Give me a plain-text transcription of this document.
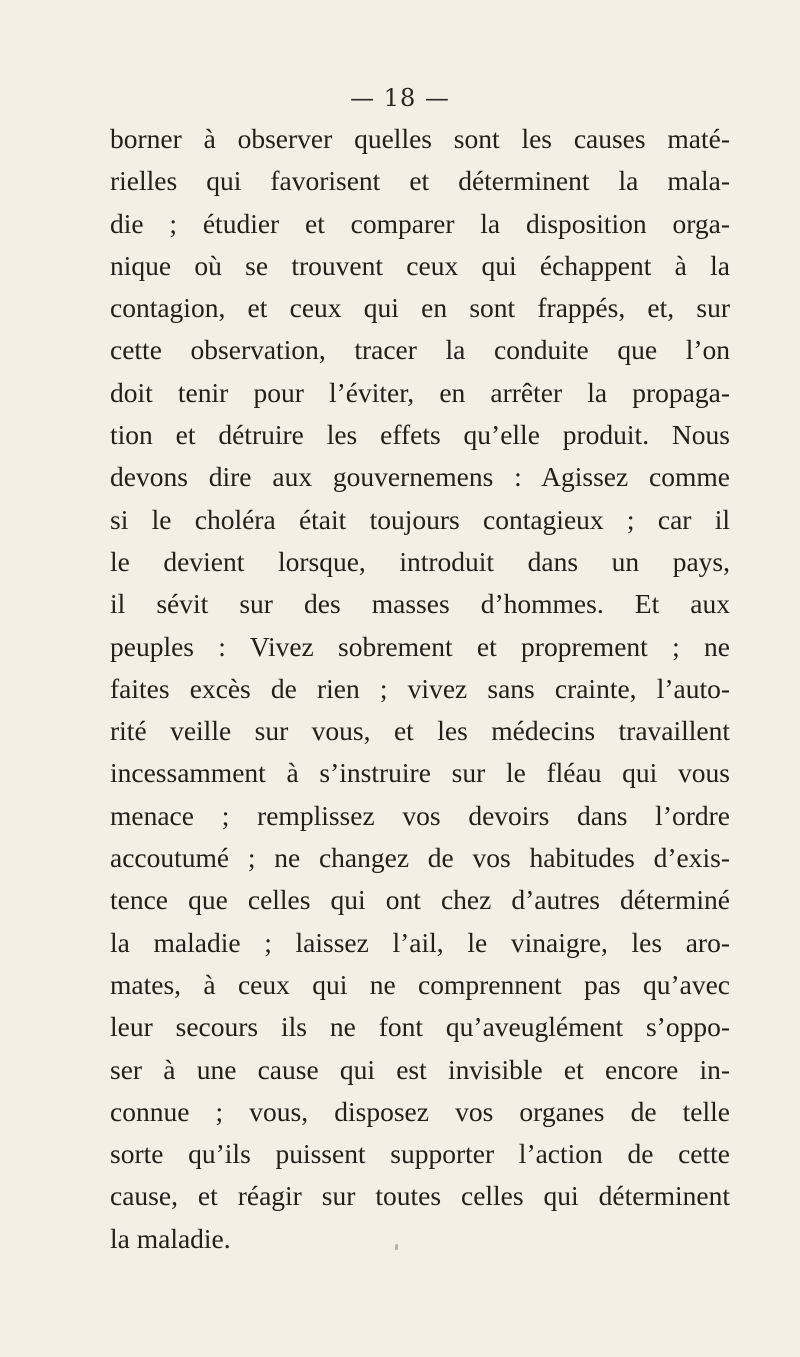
— 18 —
borner à observer quelles sont les causes maté-
rielles qui favorisent et déterminent la mala-
die ; étudier et comparer la disposition orga-
nique où se trouvent ceux qui échappent à la
contagion, et ceux qui en sont frappés, et, sur
cette observation, tracer la conduite que l’on
doit tenir pour l’éviter, en arrêter la propaga-
tion et détruire les effets qu’elle produit. Nous
devons dire aux gouvernemens : Agissez comme
si le choléra était toujours contagieux ; car il
le devient lorsque, introduit dans un pays,
il sévit sur des masses d’hommes. Et aux
peuples : Vivez sobrement et proprement ; ne
faites excès de rien ; vivez sans crainte, l’auto-
rité veille sur vous, et les médecins travaillent
incessamment à s’instruire sur le fléau qui vous
menace ; remplissez vos devoirs dans l’ordre
accoutumé ; ne changez de vos habitudes d’exis-
tence que celles qui ont chez d’autres déterminé
la maladie ; laissez l’ail, le vinaigre, les aro-
mates, à ceux qui ne comprennent pas qu’avec
leur secours ils ne font qu’aveuglément s’oppo-
ser à une cause qui est invisible et encore in-
connue ; vous, disposez vos organes de telle
sorte qu’ils puissent supporter l’action de cette
cause, et réagir sur toutes celles qui déterminent
la maladie.
